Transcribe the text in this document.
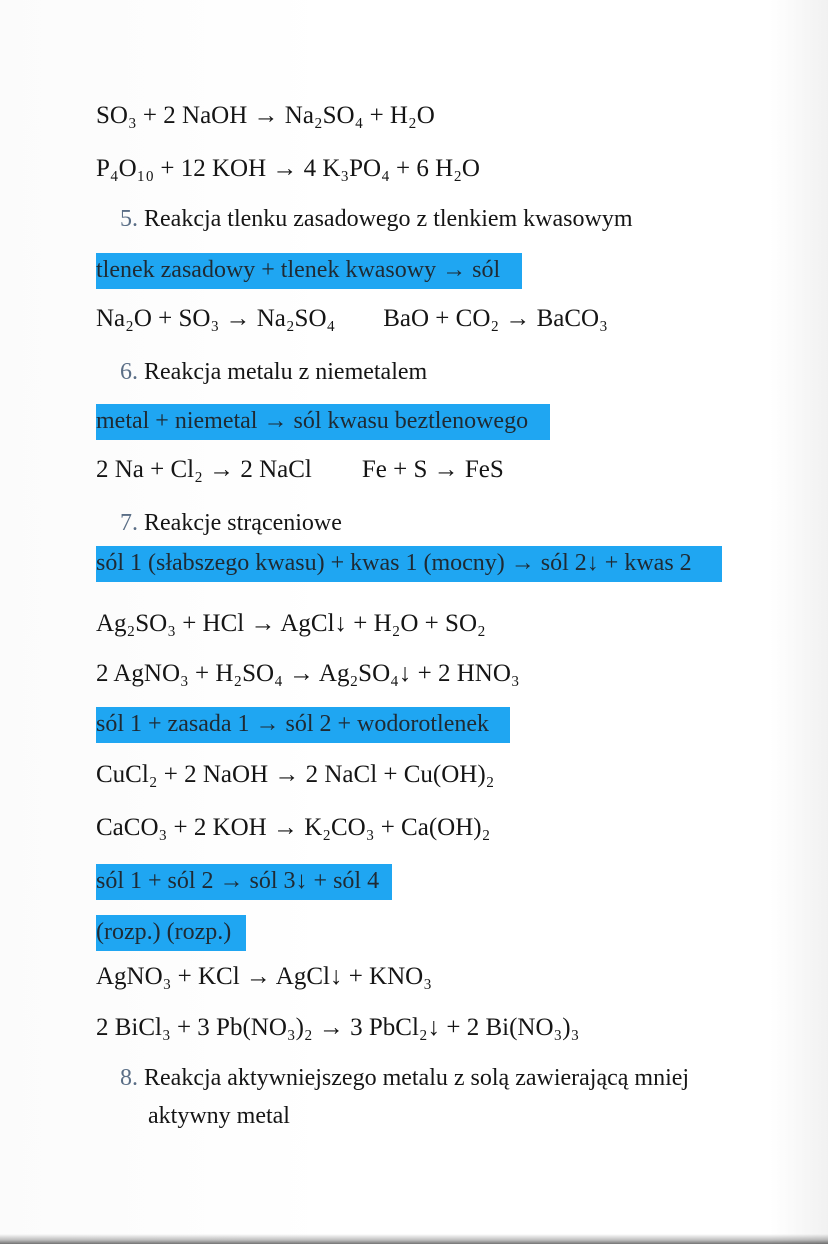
SO₃ + 2 NaOH → Na₂SO₄ + H₂O
P₄O₁₀ + 12 KOH → 4 K₃PO₄ + 6 H₂O
5. Reakcja tlenku zasadowego z tlenkiem kwasowym
tlenek zasadowy + tlenek kwasowy → sól
Na₂O + SO₃ → Na₂SO₄ BaO + CO₂ → BaCO₃
6. Reakcja metalu z niemetalem
metal + niemetal → sól kwasu beztlenowego
2 Na + Cl₂ → 2 NaCl Fe + S → FeS
7. Reakcje strąceniowe
sól 1 (słabszego kwasu) + kwas 1 (mocny) → sól 2↓ + kwas 2
Ag₂SO₃ + HCl → AgCl↓ + H₂O + SO₂
2 AgNO₃ + H₂SO₄ → Ag₂SO₄↓ + 2 HNO₃
sól 1 + zasada 1 → sól 2 + wodorotlenek
CuCl₂ + 2 NaOH → 2 NaCl + Cu(OH)₂
CaCO₃ + 2 KOH → K₂CO₃ + Ca(OH)₂
sól 1 + sól 2 → sól 3↓ + sól 4
(rozp.) (rozp.)
AgNO₃ + KCl → AgCl↓ + KNO₃
2 BiCl₃ + 3 Pb(NO₃)₂ → 3 PbCl₂↓ + 2 Bi(NO₃)₃
8. Reakcja aktywniejszego metalu z solą zawierającą mniej
aktywny metal
